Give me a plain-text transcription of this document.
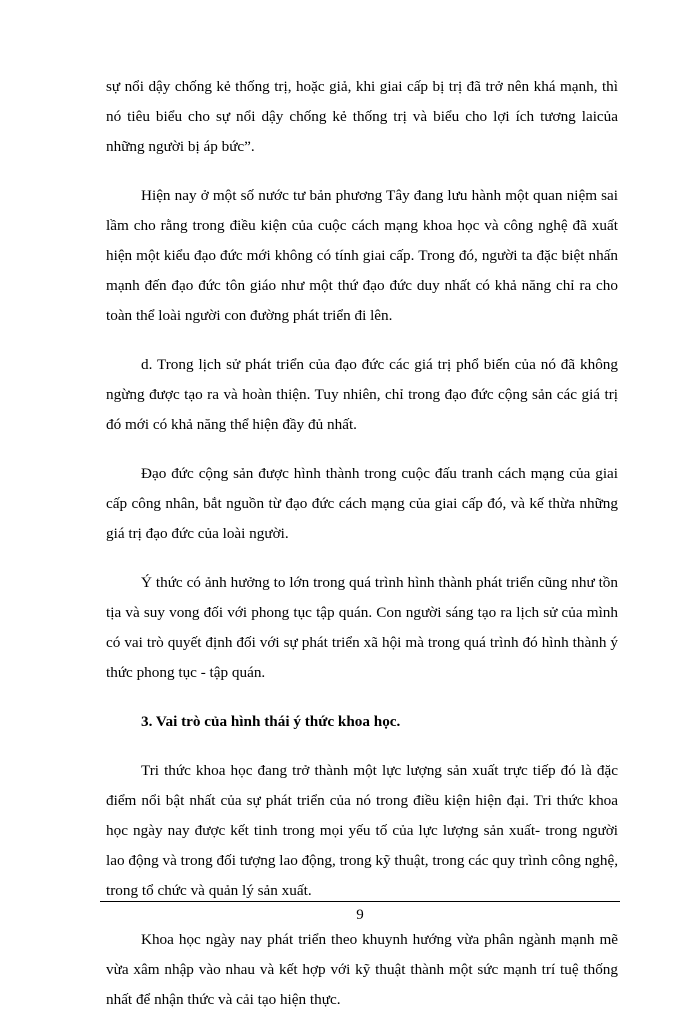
sự nổi dậy chống kẻ thống trị, hoặc giả, khi giai cấp bị trị đã trở nên khá mạnh, thì nó tiêu biểu cho sự nổi dậy chống kẻ thống trị và biểu cho lợi ích tương laicủa những người bị áp bức”.

Hiện nay ở một số nước tư bản phương Tây đang lưu hành một quan niệm sai lầm cho rằng trong điều kiện của cuộc cách mạng khoa học và công nghệ đã xuất hiện một kiểu đạo đức mới không có tính giai cấp. Trong đó, người ta đặc biệt nhấn mạnh đến đạo đức tôn giáo như một thứ đạo đức duy nhất có khả năng chỉ ra cho toàn thể loài người con đường phát triển đi lên.

d. Trong lịch sử phát triển của đạo đức các giá trị phổ biến của nó đã không ngừng được tạo ra và hoàn thiện. Tuy nhiên, chỉ trong đạo đức cộng sản các giá trị đó mới có khả năng thể hiện đầy đủ nhất.

Đạo đức cộng sản được hình thành trong cuộc đấu tranh cách mạng của giai cấp công nhân, bắt nguồn từ đạo đức cách mạng của giai cấp đó, và kế thừa những giá trị đạo đức của loài người.

Ý thức có ảnh hưởng to lớn trong quá trình hình thành phát triển cũng như tồn tịa và suy vong đối với phong tục tập quán. Con người sáng tạo ra lịch sử của mình có vai trò quyết định đối với sự phát triển xã hội mà trong quá trình đó hình thành ý thức phong tục - tập quán.

3. Vai trò của hình thái ý thức khoa học.

Tri thức khoa học đang trở thành một lực lượng sản xuất trực tiếp đó là đặc điểm nổi bật nhất của sự phát triển của nó trong điều kiện hiện đại. Tri thức khoa học ngày nay được kết tinh trong mọi yếu tố của lực lượng sản xuất- trong người lao động và trong đối tượng lao động, trong kỹ thuật, trong các quy trình công nghệ, trong tổ chức và quản lý sản xuất.

Khoa học ngày nay phát triển theo khuynh hướng vừa phân ngành mạnh mẽ vừa xâm nhập vào nhau và kết hợp với kỹ thuật thành một sức mạnh trí tuệ thống nhất để nhận thức và cải tạo hiện thực.

9
